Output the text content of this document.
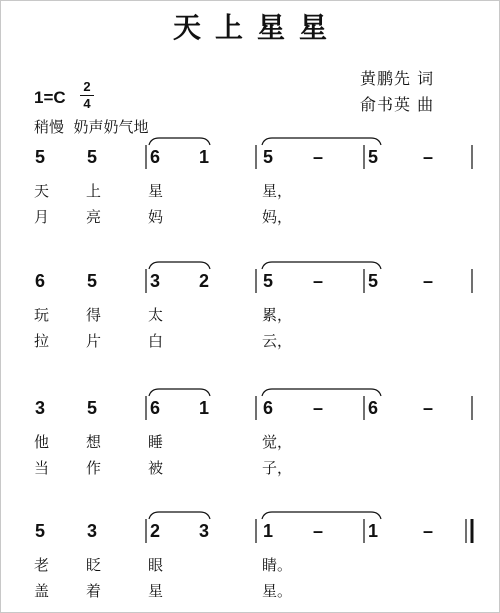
天上星星
黄鹏先 词
俞书英 曲
1=C
2
4
稍慢  奶声奶气地
5 5	6 1	5 – 5 –
天 上	星	星，
月 亮	妈	妈，
6 5	3 2	5 – 5 –
玩 得	太	累，
拉 片	白	云，
3 5	6 1	6 – 6 –
他 想	睡	觉，
当 作	被	子，
5 3	2 3	1 – 1 –
老 眨	眼	睛。
盖 着	星	星。
